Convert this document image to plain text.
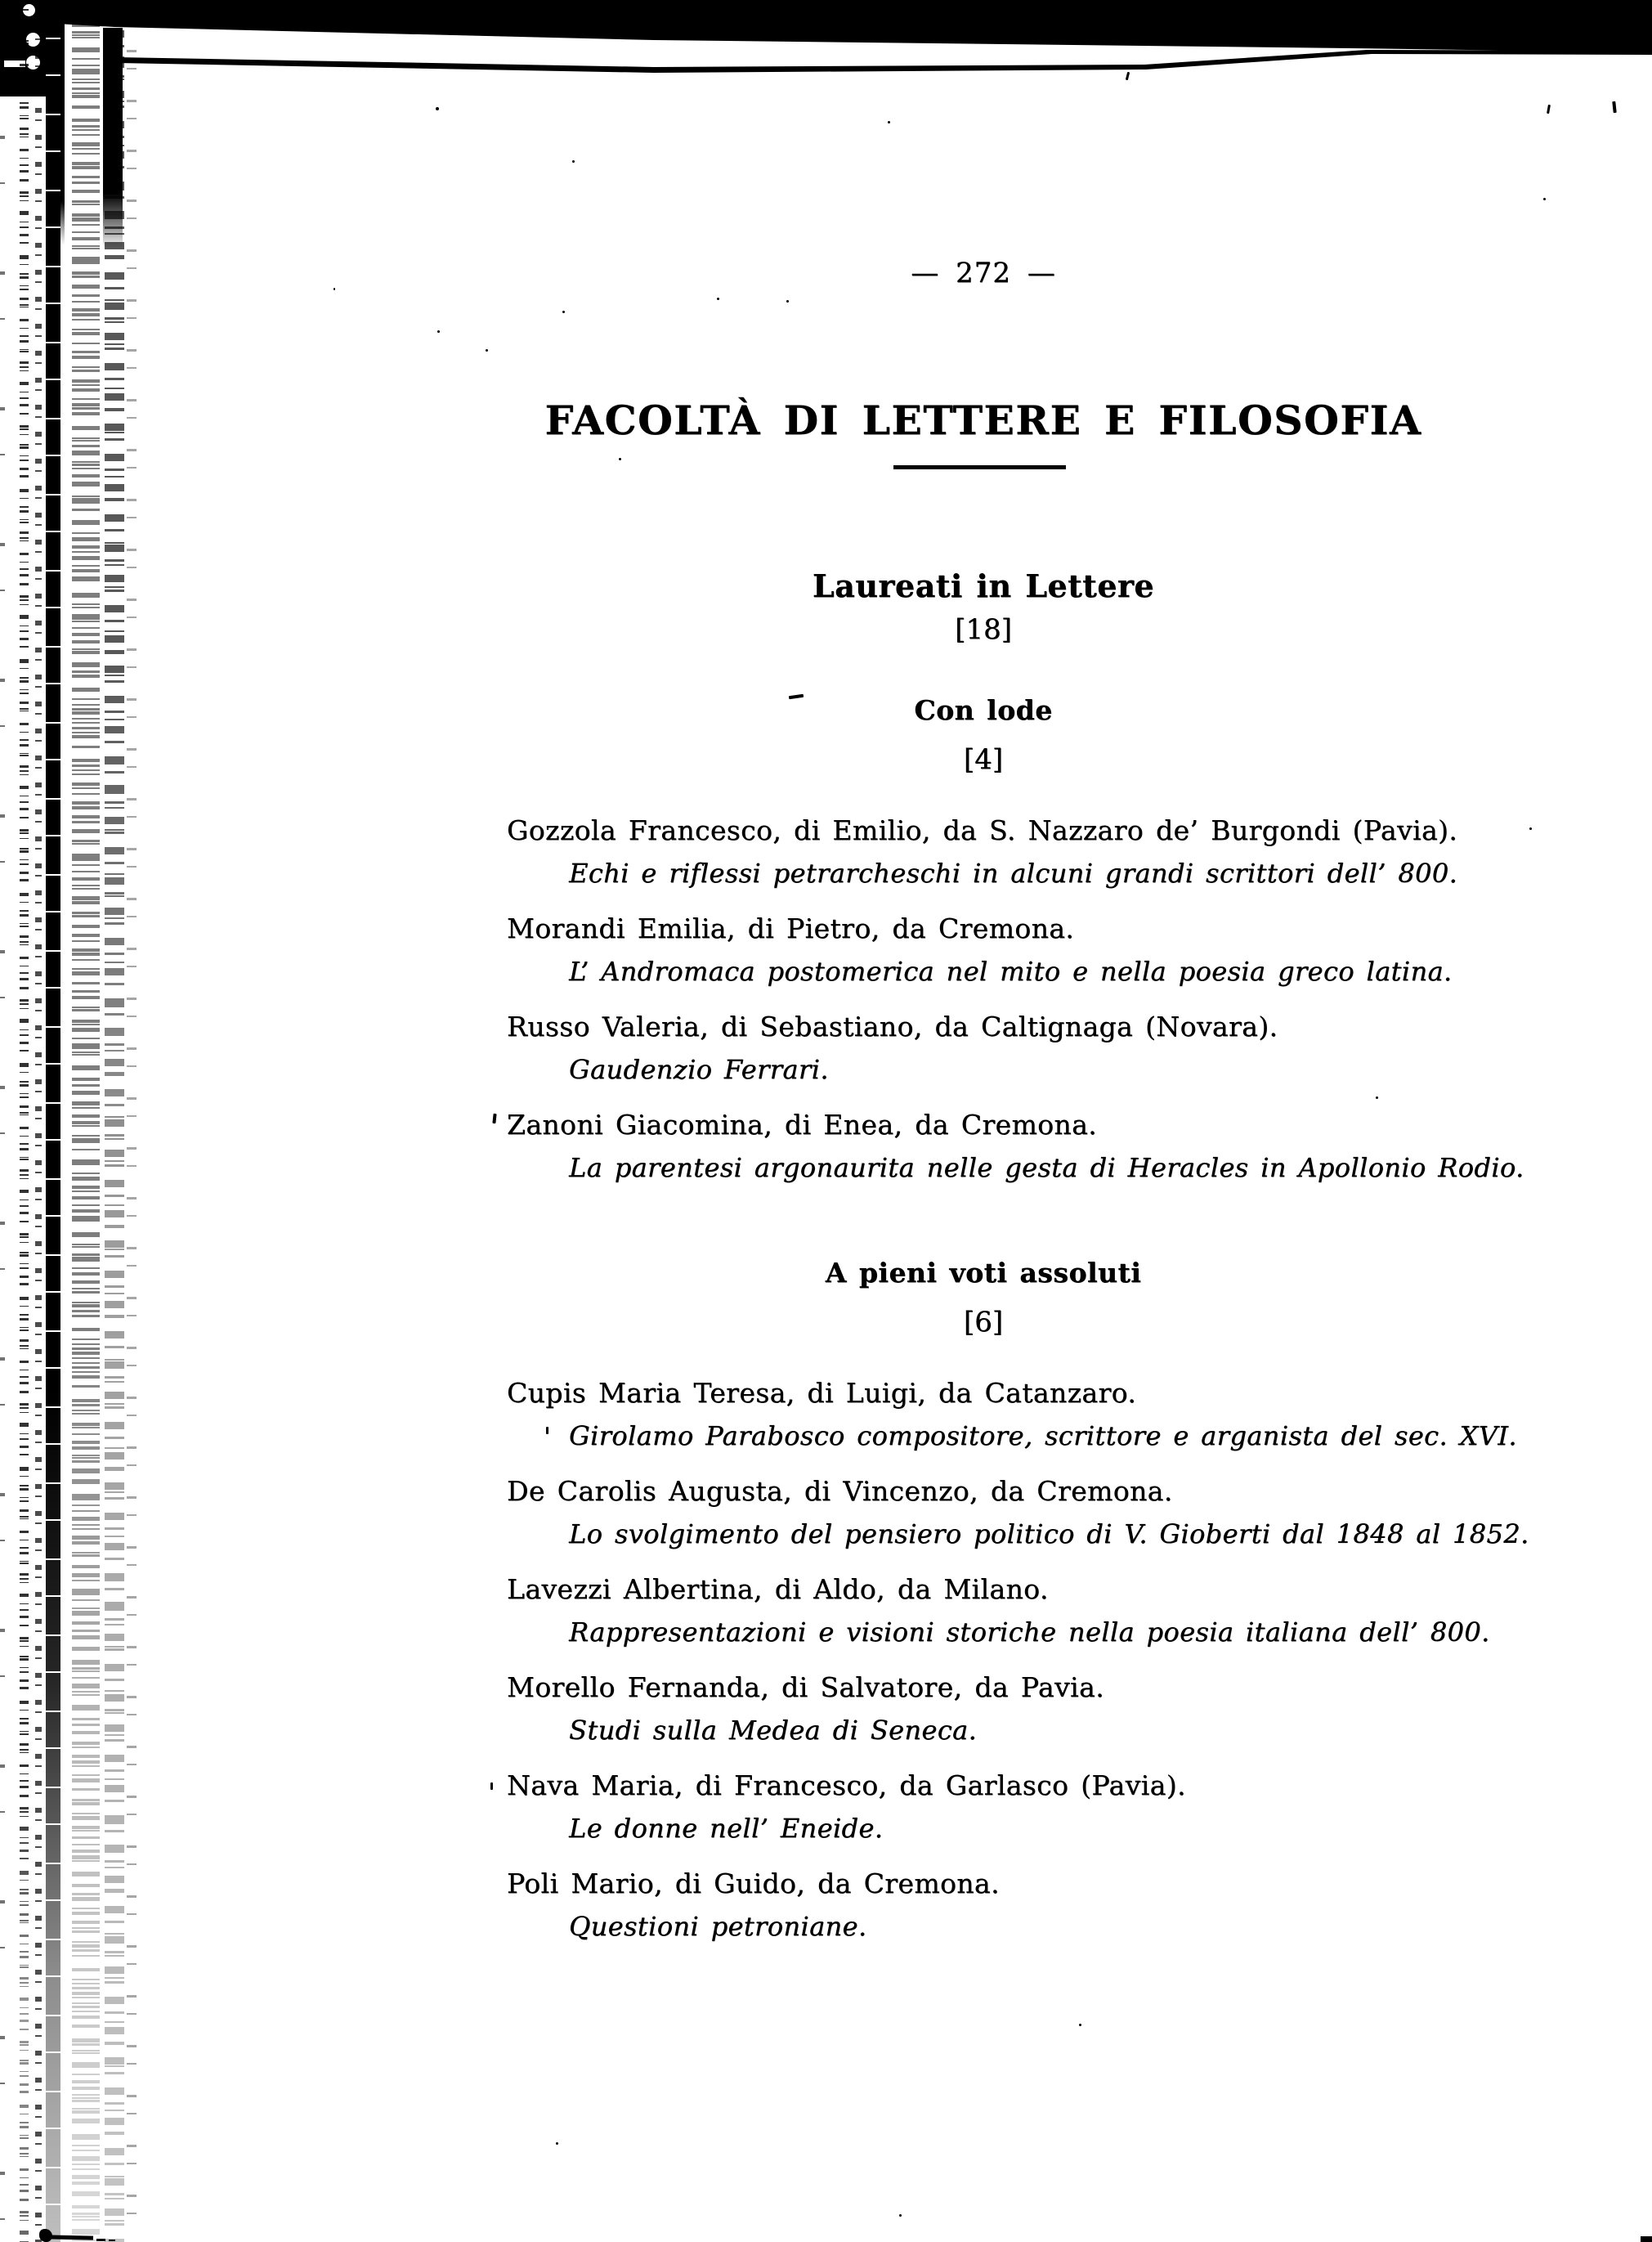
— 272 —
FACOLTÀ DI LETTERE E FILOSOFIA
Laureati in Lettere
[18]
Con lode
[4]
Gozzola Francesco, di Emilio, da S. Nazzaro de’ Burgondi (Pavia).
Echi e riflessi petrarcheschi in alcuni grandi scrittori dell’ 800.
Morandi Emilia, di Pietro, da Cremona.
L’ Andromaca postomerica nel mito e nella poesia greco latina.
Russo Valeria, di Sebastiano, da Caltignaga (Novara).
Gaudenzio Ferrari.
Zanoni Giacomina, di Enea, da Cremona.
La parentesi argonaurita nelle gesta di Heracles in Apollonio Rodio.
A pieni voti assoluti
[6]
Cupis Maria Teresa, di Luigi, da Catanzaro.
Girolamo Parabosco compositore, scrittore e arganista del sec. XVI.
De Carolis Augusta, di Vincenzo, da Cremona.
Lo svolgimento del pensiero politico di V. Gioberti dal 1848 al 1852.
Lavezzi Albertina, di Aldo, da Milano.
Rappresentazioni e visioni storiche nella poesia italiana dell’ 800.
Morello Fernanda, di Salvatore, da Pavia.
Studi sulla Medea di Seneca.
Nava Maria, di Francesco, da Garlasco (Pavia).
Le donne nell’ Eneide.
Poli Mario, di Guido, da Cremona.
Questioni petroniane.
